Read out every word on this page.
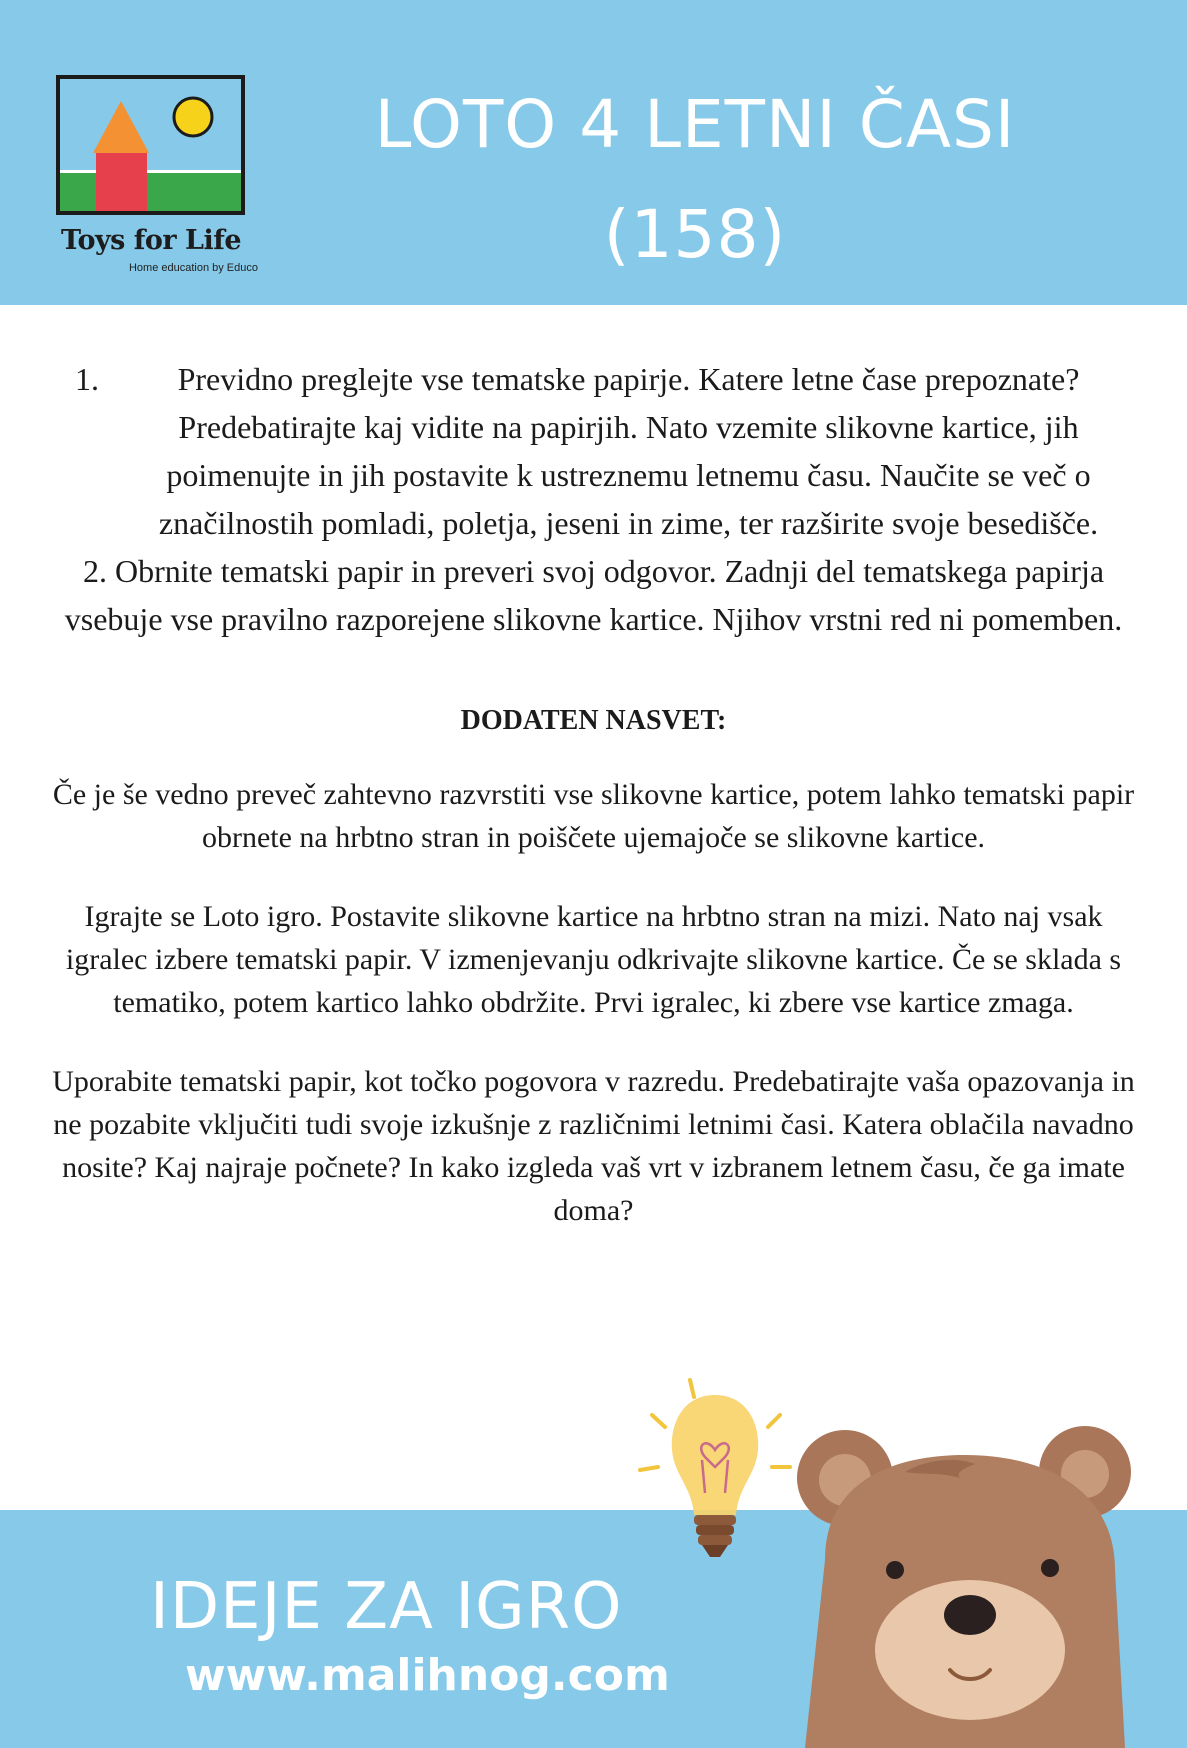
Toys for Life
Home education by Educo
LOTO 4 LETNI ČASI
(158)

1. Previdno preglejte vse tematske papirje. Katere letne čase prepoznate? Predebatirajte kaj vidite na papirjih. Nato vzemite slikovne kartice, jih poimenujte in jih postavite k ustreznemu letnemu času. Naučite se več o značilnostih pomladi, poletja, jeseni in zime, ter razširite svoje besedišče.

2. Obrnite tematski papir in preveri svoj odgovor. Zadnji del tematskega papirja vsebuje vse pravilno razporejene slikovne kartice. Njihov vrstni red ni pomemben.

DODATEN NASVET:

Če je še vedno preveč zahtevno razvrstiti vse slikovne kartice, potem lahko tematski papir obrnete na hrbtno stran in poiščete ujemajoče se slikovne kartice.

Igrajte se Loto igro. Postavite slikovne kartice na hrbtno stran na mizi. Nato naj vsak igralec izbere tematski papir. V izmenjevanju odkrivajte slikovne kartice. Če se sklada s tematiko, potem kartico lahko obdržite. Prvi igralec, ki zbere vse kartice zmaga.

Uporabite tematski papir, kot točko pogovora v razredu. Predebatirajte vaša opazovanja in ne pozabite vključiti tudi svoje izkušnje z različnimi letnimi časi. Katera oblačila navadno nosite? Kaj najraje počnete? In kako izgleda vaš vrt v izbranem letnem času, če ga imate doma?

IDEJE ZA IGRO
www.malihnog.com
